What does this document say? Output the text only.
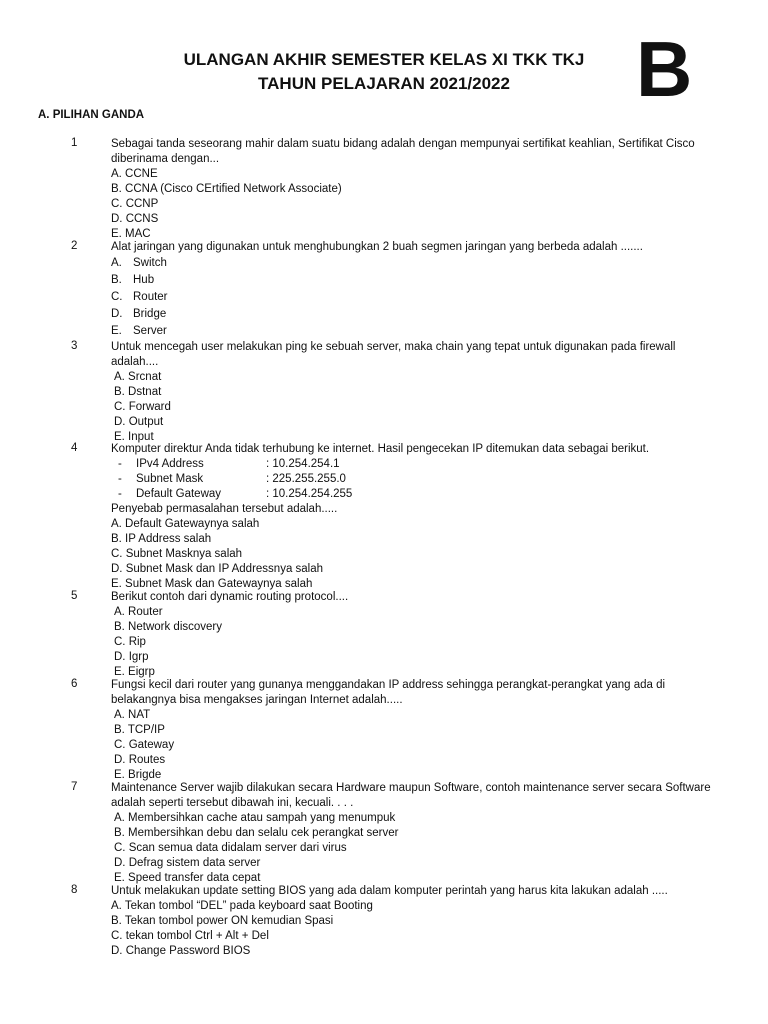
ULANGAN AKHIR SEMESTER KELAS XI TKK TKJ
TAHUN PELAJARAN 2021/2022	B
A. PILIHAN GANDA
1	Sebagai tanda seseorang mahir dalam suatu bidang adalah dengan mempunyai sertifikat keahlian, Sertifikat Cisco diberinama dengan...
A. CCNE
B. CCNA (Cisco CErtified Network Associate)
C. CCNP
D. CCNS
E. MAC
2	Alat jaringan yang digunakan untuk menghubungkan 2 buah segmen jaringan yang berbeda adalah .......
A. Switch
B. Hub
C. Router
D. Bridge
E. Server
3	Untuk mencegah user melakukan ping ke sebuah server, maka chain yang tepat untuk digunakan pada firewall adalah....
A. Srcnat
B. Dstnat
C. Forward
D. Output
E. Input
4	Komputer direktur Anda tidak terhubung ke internet. Hasil pengecekan IP ditemukan data sebagai berikut.
- IPv4 Address	: 10.254.254.1
- Subnet Mask	: 225.255.255.0
- Default Gateway	: 10.254.254.255
Penyebab permasalahan tersebut adalah.....
A. Default Gatewaynya salah
B. IP Address salah
C. Subnet Masknya salah
D. Subnet Mask dan IP Addressnya salah
E. Subnet Mask dan Gatewaynya salah
5	Berikut contoh dari dynamic routing protocol....
A. Router
B. Network discovery
C. Rip
D. Igrp
E. Eigrp
6	Fungsi kecil dari router yang gunanya menggandakan IP address sehingga perangkat-perangkat yang ada di belakangnya bisa mengakses jaringan Internet adalah.....
A. NAT
B. TCP/IP
C. Gateway
D. Routes
E. Brigde
7	Maintenance Server wajib dilakukan secara Hardware maupun Software, contoh maintenance server secara Software adalah seperti tersebut dibawah ini, kecuali. . . .
A. Membersihkan cache atau sampah yang menumpuk
B. Membersihkan debu dan selalu cek perangkat server
C. Scan semua data didalam server dari virus
D. Defrag sistem data server
E. Speed transfer data cepat
8	Untuk melakukan update setting BIOS yang ada dalam komputer perintah yang harus kita lakukan adalah .....
A. Tekan tombol “DEL” pada keyboard saat Booting
B. Tekan tombol power ON kemudian Spasi
C. tekan tombol Ctrl + Alt + Del
D. Change Password BIOS
